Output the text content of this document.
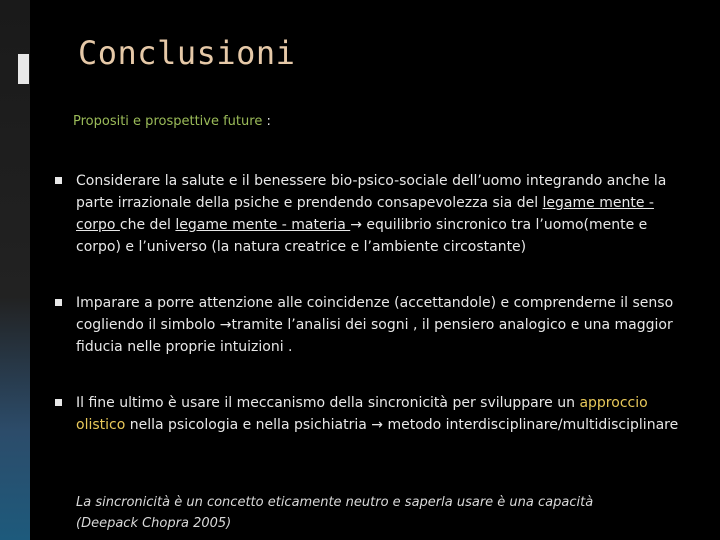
Conclusioni
Propositi e prospettive future :
Considerare la salute e il benessere bio-psico-sociale dell’uomo integrando anche la parte irrazionale della psiche e prendendo consapevolezza sia del legame mente - corpo che del legame mente - materia → equilibrio sincronico tra l’uomo(mente e corpo) e l’universo (la natura creatrice e l’ambiente circostante)
Imparare a porre attenzione alle coincidenze (accettandole) e comprenderne il senso cogliendo il simbolo →tramite l’analisi dei sogni , il pensiero analogico e una maggior fiducia nelle proprie intuizioni .
Il fine ultimo è usare il meccanismo della sincronicità per sviluppare un approccio olistico nella psicologia e nella psichiatria → metodo interdisciplinare/multidisciplinare
La sincronicità è un concetto eticamente neutro e saperla usare è una capacità
(Deepack Chopra 2005)
